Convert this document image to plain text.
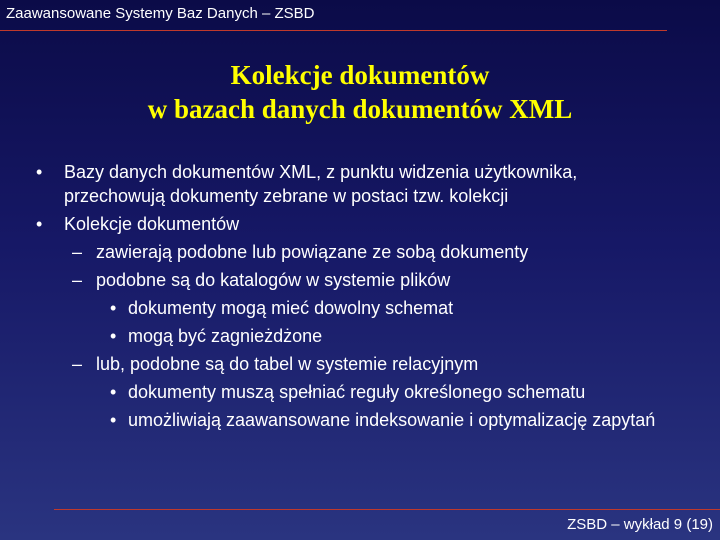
Zaawansowane Systemy Baz Danych – ZSBD
Kolekcje dokumentów
w bazach danych dokumentów XML
• Bazy danych dokumentów XML, z punktu widzenia użytkownika, przechowują dokumenty zebrane w postaci tzw. kolekcji
• Kolekcje dokumentów
– zawierają podobne lub powiązane ze sobą dokumenty
– podobne są do katalogów w systemie plików
• dokumenty mogą mieć dowolny schemat
• mogą być zagnieżdżone
– lub, podobne są do tabel w systemie relacyjnym
• dokumenty muszą spełniać reguły określonego schematu
• umożliwiają zaawansowane indeksowanie i optymalizację zapytań
ZSBD – wykład 9 (19)
